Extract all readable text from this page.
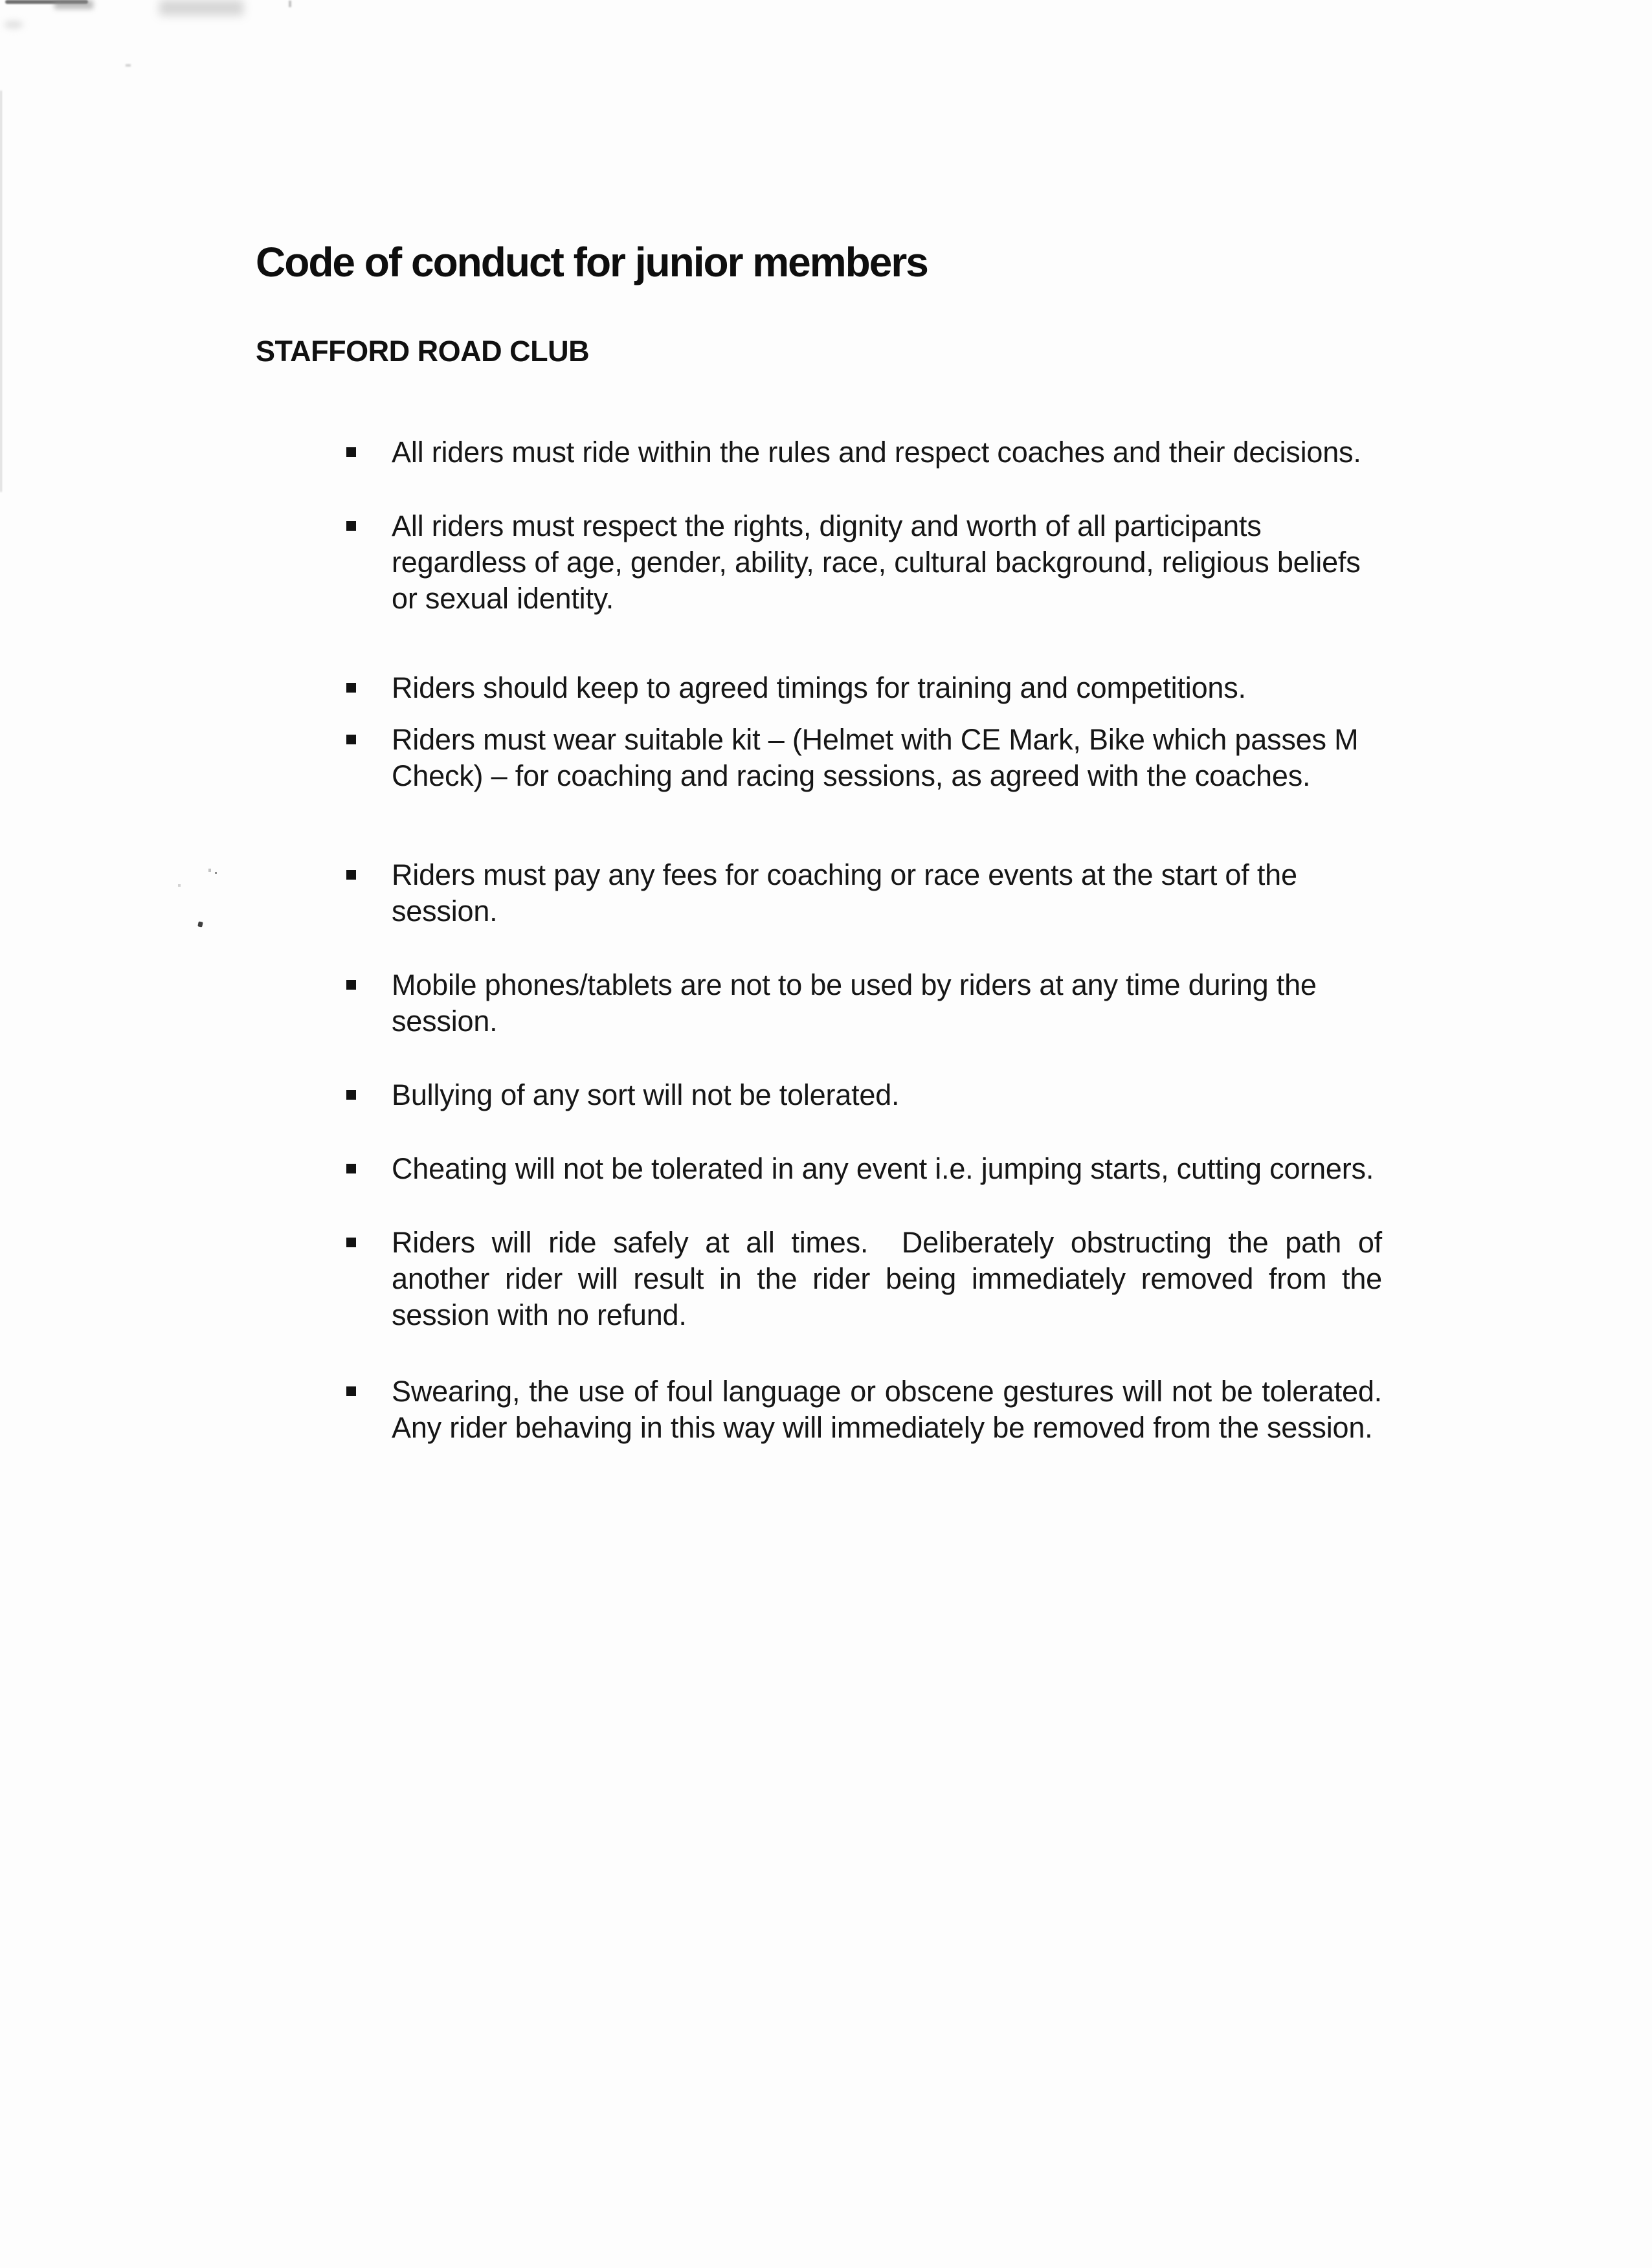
Code of conduct for junior members
STAFFORD ROAD CLUB
All riders must ride within the rules and respect coaches and their decisions.
All riders must respect the rights, dignity and worth of all participants regardless of age, gender, ability, race, cultural background, religious beliefs or sexual identity.
Riders should keep to agreed timings for training and competitions.
Riders must wear suitable kit – (Helmet with CE Mark, Bike which passes M Check) – for coaching and racing sessions, as agreed with the coaches.
Riders must pay any fees for coaching or race events at the start of the session.
Mobile phones/tablets are not to be used by riders at any time during the session.
Bullying of any sort will not be tolerated.
Cheating will not be tolerated in any event i.e. jumping starts, cutting corners.
Riders will ride safely at all times.  Deliberately obstructing the path of another rider will result in the rider being immediately removed from the session with no refund.
Swearing, the use of foul language or obscene gestures will not be tolerated.  Any rider behaving in this way will immediately be removed from the session.
